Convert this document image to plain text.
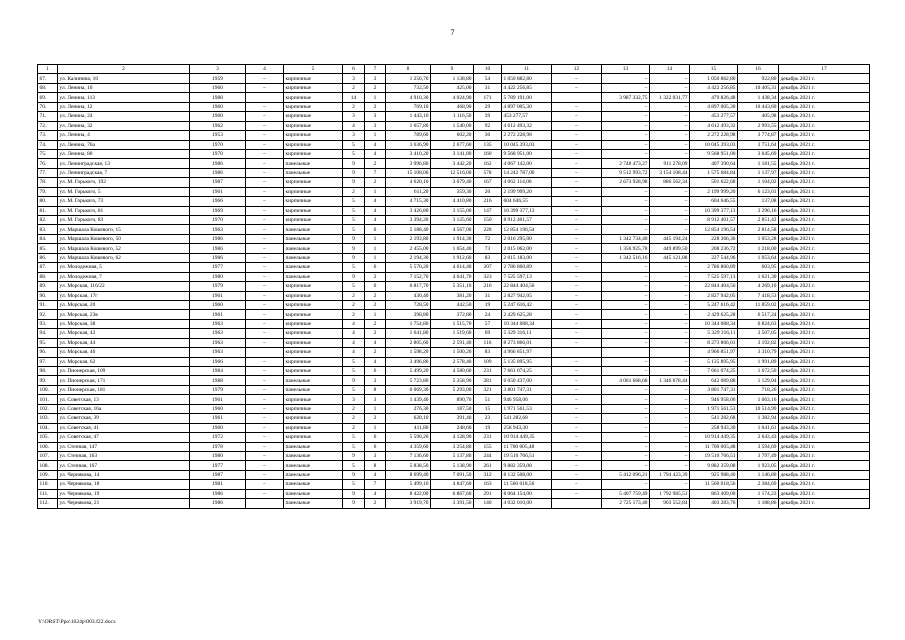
7
1	2	3	4	5	6	7	8	9	10	11	12	13	14	15	16	17
67.	ул. Калинина, 10	1959	–	кирпичные	3	3	1 256,70	1 138,80	54	1 050 882,80	–	–	–	1 050 882,80	922,80	декабрь 2021 г.
68.	ул. Ленина, 10	1960	–	кирпичные	2	2	732,50	425,00	31	4 422 256,85	–	–	–	4 422 256,85	10 405,31	декабрь 2021 г.
69.	ул. Ленина, 113	1988		кирпичные	14	1	4 910,30	4 024,90	171	5 789 191,00		3 987 332,75	1 322 031,77	479 826,48	1 438,34	декабрь 2021 г.
70.	ул. Ленина, 12	1960	–	кирпичные	2	2	769,10	468,90	29	4 897 005,30	–	–	–	4 897 005,30	10 443,60	декабрь 2021 г.
71.	ул. Ленина, 24	1960	–	кирпичные	3	3	1 443,10	1 116,50	39	453 277,57	–	–	–	453 277,57	405,98	декабрь 2021 г.
72.	ул. Ленина, 32	1962	–	кирпичные	4	3	1 657,80	1 540,00	92	4 612 493,32	–	–	–	4 612 493,32	2 993,55	декабрь 2021 г.
73.	ул. Ленина, 4	1953	–	кирпичные	3	1	789,60	602,20	30	2 272 228,98	–	–	–	2 272 228,98	3 774,87	декабрь 2021 г.
74.	ул. Ленина, 76а	1970	–	кирпичные	5	4	3 636,90	2 677,60	135	10 045 393,03	–	–	–	10 045 393,03	3 751,64	декабрь 2021 г.
75.	ул. Ленина, 80	1970	–	кирпичные	5	4	3 410,20	3 141,80	160	9 568 951,00	–	–	–	9 568 951,00	3 045,69	декабрь 2021 г.
76.	ул. Ленинградская, 13	1986	–	панельные	9	2	3 996,80	3 442,20	162	4 067 142,00	–	2 748 473,27	911 278,09	407 390,64	1 181,55	декабрь 2021 г.
77.	ул. Ленинградская, 7	1986	–	панельные	9	7	15 108,00	12 516,00	578	14 242 787,00	–	9 512 993,72	3 154 108,44	1 575 684,84	1 137,97	декабрь 2021 г.
78.	ул. М. Горького, 192	1987	–	кирпичные	9	2	4 620,10	3 679,40	167	4 062 114,00	–	2 673 928,98	886 562,34	501 622,68	1 104,02	декабрь 2021 г.
79.	ул. М. Горького, 5	1961	–	кирпичные	2	1	611,20	359,30	20	2 199 999,20	–	–	–	2 199 999,20	6 123,01	декабрь 2021 г.
80.	ул. М. Горького, 73	1966	–	кирпичные	5	4	4 715,30	4 410,80	216	604 646,55	–	–	–	604 646,55	137,08	декабрь 2021 г.
81.	ул. М. Горького, 81	1969	–	кирпичные	5	4	3 426,80	3 155,00	147	10 399 377,13	–	–	–	10 399 377,13	3 296,16	декабрь 2021 г.
82.	ул. М. Горького, 83	1970	–	кирпичные	5	4	3 394,20	3 125,60	150	8 912 401,57	–	–	–	8 912 401,57	2 851,42	декабрь 2021 г.
83.	ул. Маршала Кошевого, 15	1963	–	панельные	5	6	5 188,40	4 567,00	228	12 854 196,54	–	–	–	12 854 196,54	2 814,58	декабрь 2021 г.
84.	ул. Маршала Кошевого, 50	1986	–	панельные	9	1	2 193,80	1 914,30	72	2 016 295,00	–	1 342 734,40	445 194,24	228 366,36	1 053,28	декабрь 2021 г.
85.	ул. Маршала Кошевого, 52	1986	–	панельные	9	1	2 455,00	1 654,40	73	2 015 062,00	–	1 356 925,78	449 899,50	208 236,72	1 218,00	декабрь 2021 г.
86.	ул. Маршала Кошевого, 62	1986	–	панельные	9	1	2 194,30	1 912,60	83	2 015 183,00	–	1 342 516,16	445 121,88	227 544,96	1 053,64	декабрь 2021 г.
87.	ул. Молодежная, 5	1977	–	панельные	5	6	5 570,20	4 614,40	207	2 786 860,89	–	–	–	2 786 860,89	603,95	декабрь 2021 г.
88.	ул. Молодежная, 7	1980	–	панельные	9	2	7 152,70	4 641,70	323	7 525 597,13	–	–	–	7 525 597,13	1 621,30	декабрь 2021 г.
89.	ул. Морская, 116/22	1979	–	кирпичные	5	6	6 817,70	5 351,10	216	22 844 404,56	–	–	–	22 844 404,56	4 269,10	декабрь 2021 г.
90.	ул. Морская, 17г	1961	–	кирпичные	2	2	430,40	381,20	31	2 827 942,05	–	–	–	2 827 942,05	7 418,53	декабрь 2021 г.
91.	ул. Морская, 20	1960	–	кирпичные	2	2	728,50	442,50	19	5 247 616,42	–	–	–	5 247 616,42	11 859,02	декабрь 2021 г.
92.	ул. Морская, 23в	1961	–	кирпичные	2	1	398,80	372,80	24	2 429 625,28	–	–	–	2 429 625,28	6 517,24	декабрь 2021 г.
93.	ул. Морская, 38	1963	–	кирпичные	4	2	1 754,80	1 515,70	57	10 344 088,34	–	–	–	10 344 088,34	6 824,63	декабрь 2021 г.
94.	ул. Морская, 42	1963	–	кирпичные	4	2	1 641,80	1 519,60	69	5 329 316,11	–	–	–	5 329 316,11	3 507,05	декабрь 2021 г.
95.	ул. Морская, 44	1963	–	кирпичные	4	4	2 805,60	2 591,40	116	8 273 866,01	–	–	–	8 273 866,01	3 192,82	декабрь 2021 г.
96.	ул. Морская, 46	1963		кирпичные	4	2	1 598,20	1 500,20	83	4 966 851,97				4 966 851,97	3 310,79	декабрь 2021 г.
97.	ул. Морская, 62	1966	–	кирпичные	5	4	3 496,80	2 578,40	109	5 135 895,95	–	–	–	5 135 895,95	1 991,89	декабрь 2021 г.
98.	ул. Пионерская, 109	1984	–	кирпичные	5	6	5 499,20	4 580,60	231	7 661 074,25	–	–	–	7 661 074,25	1 672,50	декабрь 2021 г.
99.	ул. Пионерская, 171	1988	–	панельные	9	3	5 723,80	5 358,90	281	6 050 437,00	–	4 061 668,68	1 346 678,44	642 089,88	1 129,04	декабрь 2021 г.
100.	ул. Пионерская, 181	1979	–	панельные	5	8	6 069,30	5 293,00	321	3 801 747,31	–	–	–	3 801 747,31	718,26	декабрь 2021 г.
101.	ул. Советская, 13	1961	–	кирпичные	3	3	1 439,40	890,70	51	946 958,06	–	–	–	946 958,06	1 063,16	декабрь 2021 г.
102.	ул. Советская, 16а	1960	–	кирпичные	2	1	276,30	187,50	15	1 971 561,53	–	–	–	1 971 561,53	10 514,99	декабрь 2021 г.
103.	ул. Советская, 39	1961	–	кирпичные	2	2	628,10	391,40	23	541 282,68	–	–	–	541 282,68	1 382,94	декабрь 2021 г.
104.	ул. Советская, 41	1960	–	кирпичные	2	1	411,80	248,60	19	258 943,30	–	–	–	258 943,30	1 041,61	декабрь 2021 г.
105.	ул. Советская, 47	1972	–	кирпичные	5	6	5 590,20	4 128,90	231	10 914 449,35	–	–	–	10 914 449,35	2 643,43	декабрь 2021 г.
106.	ул. Степная, 147	1978	–	панельные	5	6	4 359,60	3 254,80	155	11 700 005,48	–	–	–	11 700 005,48	3 594,69	декабрь 2021 г.
107.	ул. Степная, 163	1980	–	панельные	9	3	7 136,60	5 137,80	244	19 510 766,51	–	–	–	19 510 766,51	3 797,49	декабрь 2021 г.
108.	ул. Степная, 167	1977	–	панельные	5	8	5 838,50	5 138,90	261	9 882 359,08	–	–	–	9 882 359,08	1 923,05	декабрь 2021 г.
109.	ул. Чернякова, 14	1987	–	панельные	9	4	8 699,40	7 091,50	312	8 132 508,00	–	5 412 096,21	1 794 423,39	925 988,40	1 146,80	декабрь 2021 г.
110.	ул. Чернякова, 18	1981	–	панельные	5	7	5 499,10	4 847,60	163	11 560 018,56	–	–	–	11 560 018,56	2 384,69	декабрь 2021 г.
111.	ул. Чернякова, 19	1986	–	панельные	9	4	8 422,00	6 867,60	291	8 064 154,00	–	5 407 759,49	1 792 985,51	863 409,00	1 174,23	декабрь 2021 г.
112.	ул. Чернякова, 21	1986		панельные	9	2	3 919,70	3 391,50	140	4 032 010,00		2 725 173,40	903 552,84	403 283,76	1 188,86	декабрь 2021 г.
Y:\ORST\Ppo\1024p\003.f22.docx
